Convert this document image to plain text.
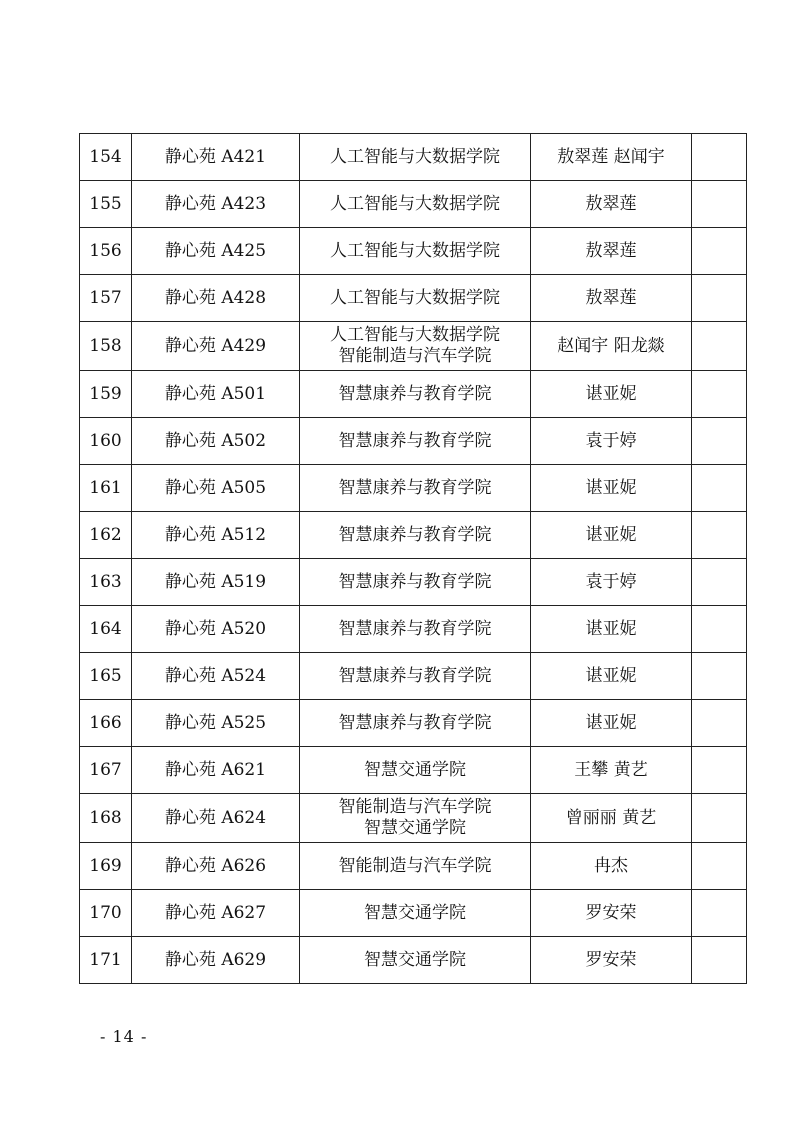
154	静心苑 A421	人工智能与大数据学院	敖翠莲 赵闻宇	
155	静心苑 A423	人工智能与大数据学院	敖翠莲	
156	静心苑 A425	人工智能与大数据学院	敖翠莲	
157	静心苑 A428	人工智能与大数据学院	敖翠莲	
158	静心苑 A429	人工智能与大数据学院
智能制造与汽车学院	赵闻宇 阳龙燚	
159	静心苑 A501	智慧康养与教育学院	谌亚妮	
160	静心苑 A502	智慧康养与教育学院	袁于婷	
161	静心苑 A505	智慧康养与教育学院	谌亚妮	
162	静心苑 A512	智慧康养与教育学院	谌亚妮	
163	静心苑 A519	智慧康养与教育学院	袁于婷	
164	静心苑 A520	智慧康养与教育学院	谌亚妮	
165	静心苑 A524	智慧康养与教育学院	谌亚妮	
166	静心苑 A525	智慧康养与教育学院	谌亚妮	
167	静心苑 A621	智慧交通学院	王攀 黄艺	
168	静心苑 A624	智能制造与汽车学院
智慧交通学院	曾丽丽 黄艺	
169	静心苑 A626	智能制造与汽车学院	冉杰	
170	静心苑 A627	智慧交通学院	罗安荣	
171	静心苑 A629	智慧交通学院	罗安荣	
- 14 -
